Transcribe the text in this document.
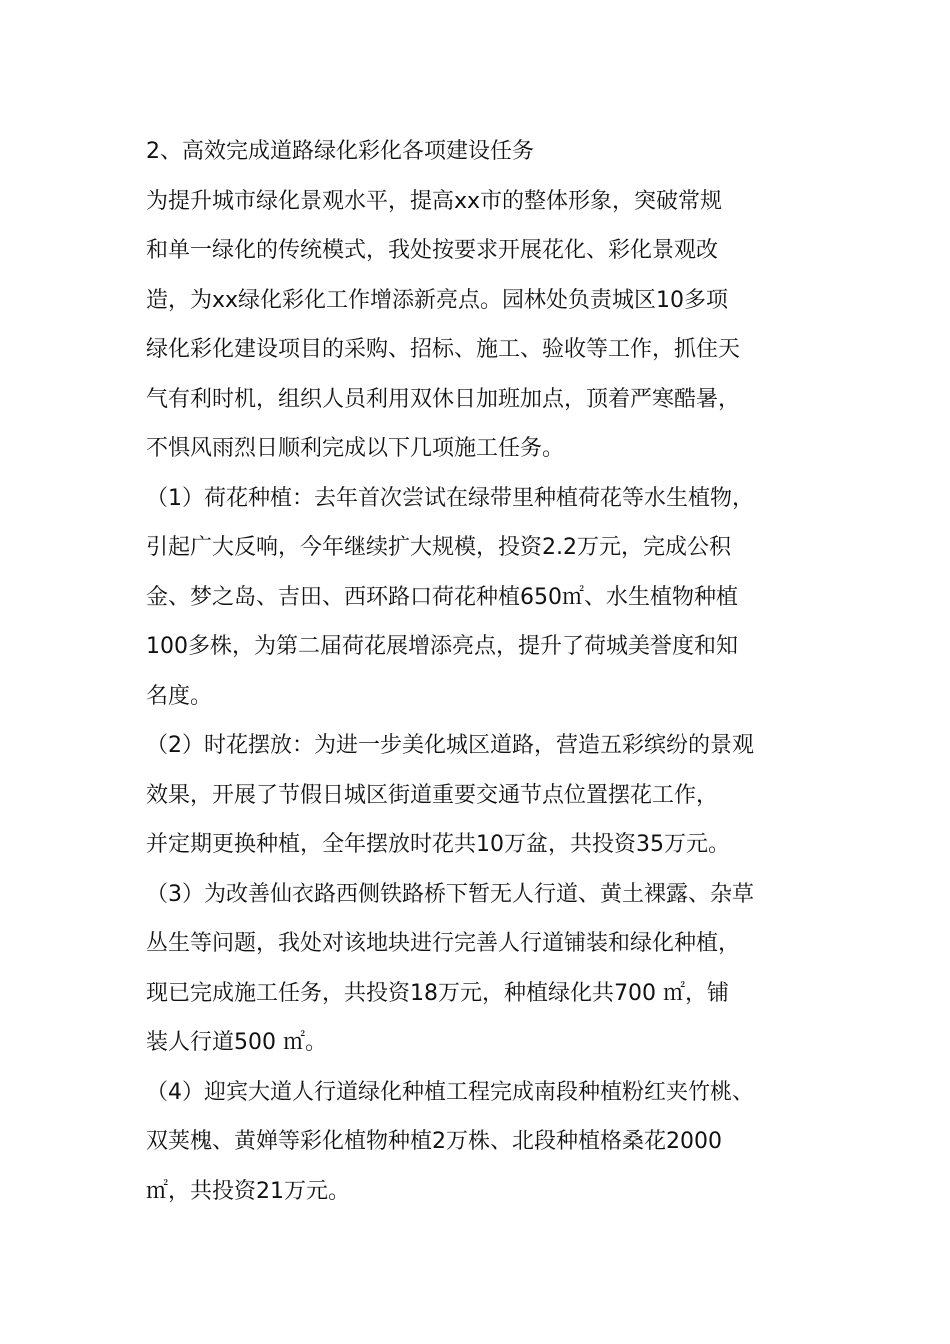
2、高效完成道路绿化彩化各项建设任务
为提升城市绿化景观水平，提高xx市的整体形象，突破常规
和单一绿化的传统模式，我处按要求开展花化、彩化景观改
造，为xx绿化彩化工作增添新亮点。园林处负责城区10多项
绿化彩化建设项目的采购、招标、施工、验收等工作，抓住天
气有利时机，组织人员利用双休日加班加点，顶着严寒酷暑，
不惧风雨烈日顺利完成以下几项施工任务。
（1）荷花种植：去年首次尝试在绿带里种植荷花等水生植物，
引起广大反响，今年继续扩大规模，投资2.2万元，完成公积
金、梦之岛、吉田、西环路口荷花种植650㎡、水生植物种植
100多株，为第二届荷花展增添亮点，提升了荷城美誉度和知
名度。
（2）时花摆放：为进一步美化城区道路，营造五彩缤纷的景观
效果，开展了节假日城区街道重要交通节点位置摆花工作，
并定期更换种植，全年摆放时花共10万盆，共投资35万元。
（3）为改善仙衣路西侧铁路桥下暂无人行道、黄土裸露、杂草
丛生等问题，我处对该地块进行完善人行道铺装和绿化种植，
现已完成施工任务，共投资18万元，种植绿化共700 ㎡，铺
装人行道500 ㎡。
（4）迎宾大道人行道绿化种植工程完成南段种植粉红夹竹桃、
双荚槐、黄婵等彩化植物种植2万株、北段种植格桑花2000
㎡，共投资21万元。
